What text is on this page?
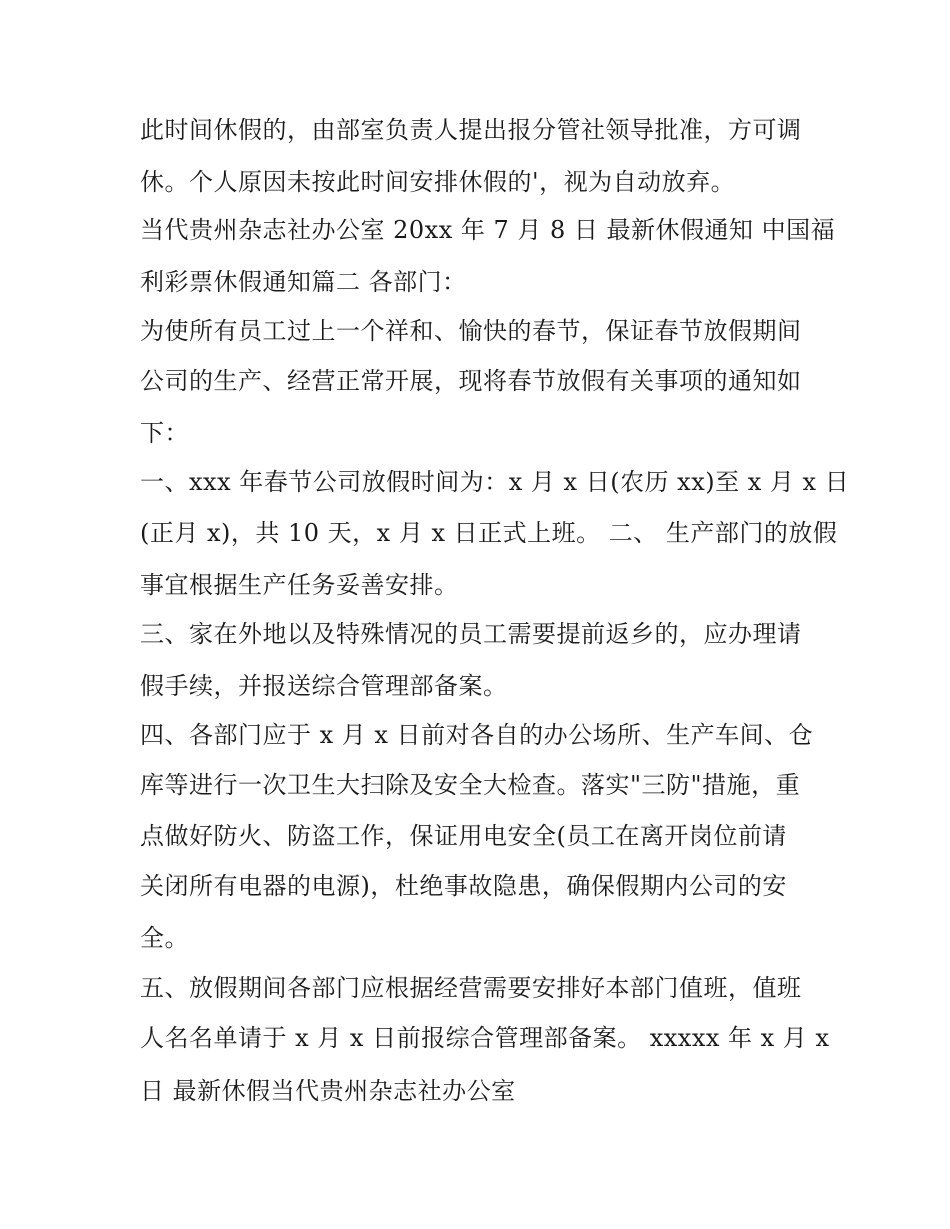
此时间休假的，由部室负责人提出报分管社领导批准，方可调
休。个人原因未按此时间安排休假的'，视为自动放弃。
当代贵州杂志社办公室 20xx 年 7 月 8 日 最新休假通知 中国福
利彩票休假通知篇二 各部门：
为使所有员工过上一个祥和、愉快的春节，保证春节放假期间
公司的生产、经营正常开展，现将春节放假有关事项的通知如
下：
一、xxx 年春节公司放假时间为：x 月 x 日(农历 xx)至 x 月 x 日
(正月 x)，共 10 天，x 月 x 日正式上班。 二、 生产部门的放假
事宜根据生产任务妥善安排。
三、家在外地以及特殊情况的员工需要提前返乡的，应办理请
假手续，并报送综合管理部备案。
四、各部门应于 x 月 x 日前对各自的办公场所、生产车间、仓
库等进行一次卫生大扫除及安全大检查。落实"三防"措施，重
点做好防火、防盗工作，保证用电安全(员工在离开岗位前请
关闭所有电器的电源)，杜绝事故隐患，确保假期内公司的安
全。
五、放假期间各部门应根据经营需要安排好本部门值班，值班
人名名单请于 x 月 x 日前报综合管理部备案。 xxxxx 年 x 月 x
日 最新休假当代贵州杂志社办公室
